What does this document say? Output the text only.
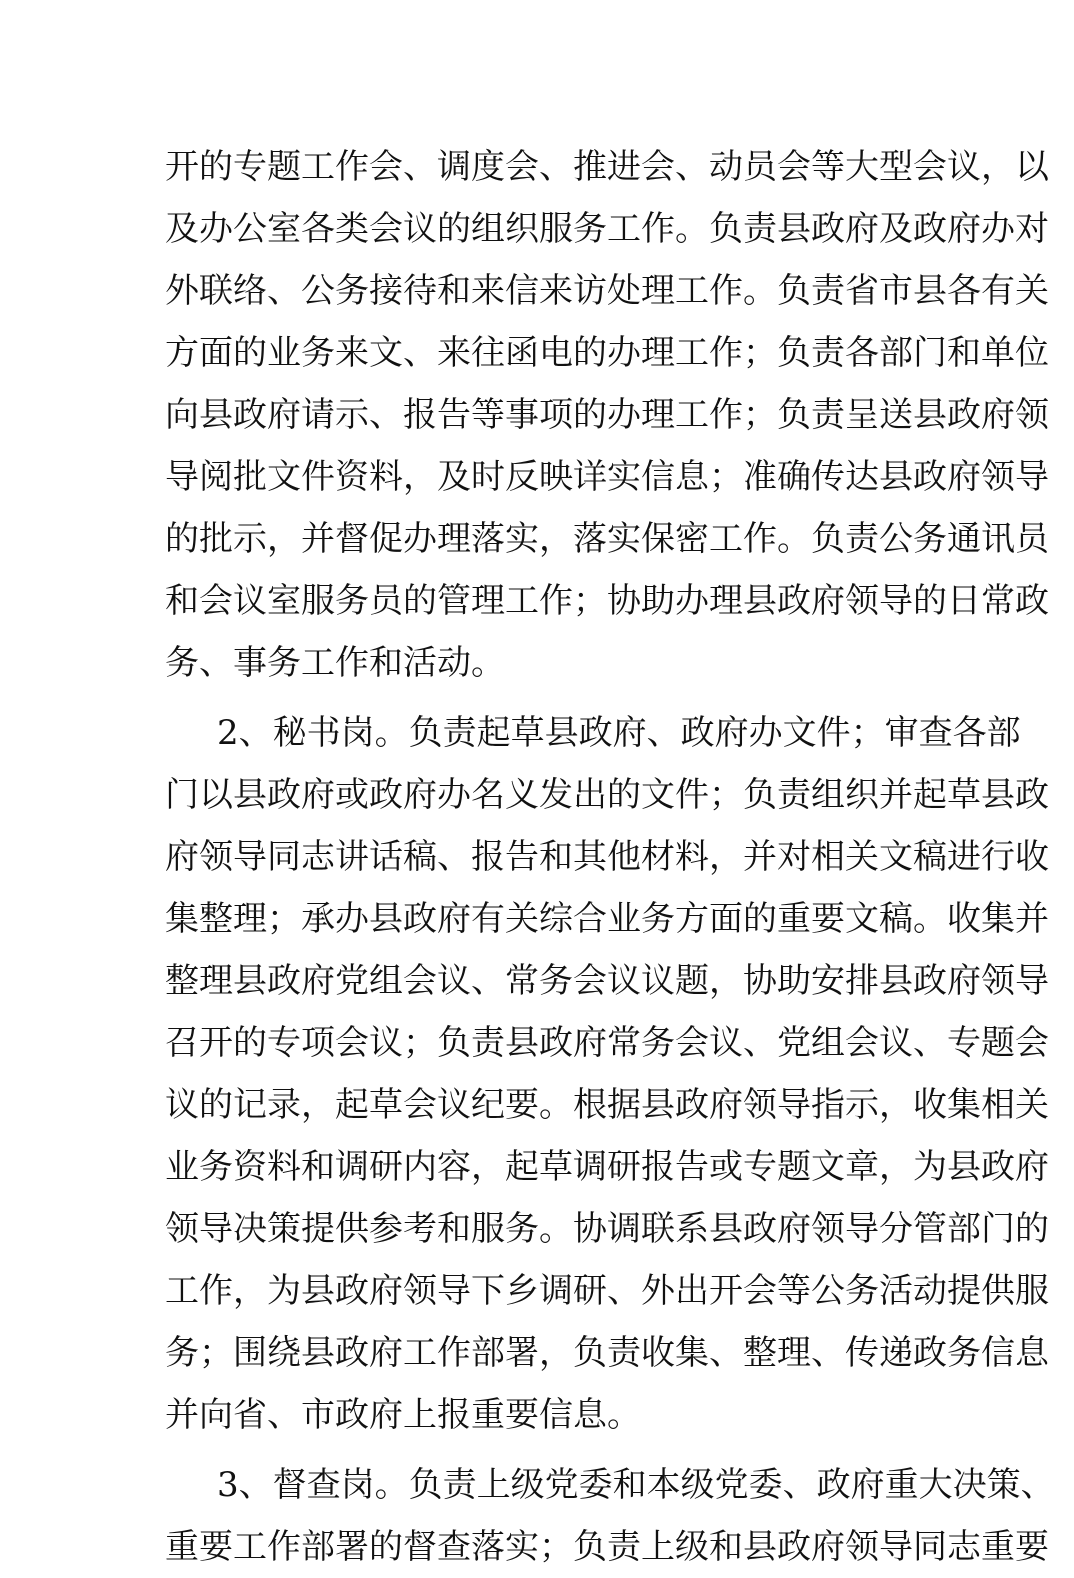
开的专题工作会、调度会、推进会、动员会等大型会议，以
及办公室各类会议的组织服务工作。负责县政府及政府办对
外联络、公务接待和来信来访处理工作。负责省市县各有关
方面的业务来文、来往函电的办理工作；负责各部门和单位
向县政府请示、报告等事项的办理工作；负责呈送县政府领
导阅批文件资料，及时反映详实信息；准确传达县政府领导
的批示，并督促办理落实，落实保密工作。负责公务通讯员
和会议室服务员的管理工作；协助办理县政府领导的日常政
务、事务工作和活动。
2、秘书岗。负责起草县政府、政府办文件；审查各部
门以县政府或政府办名义发出的文件；负责组织并起草县政
府领导同志讲话稿、报告和其他材料，并对相关文稿进行收
集整理；承办县政府有关综合业务方面的重要文稿。收集并
整理县政府党组会议、常务会议议题，协助安排县政府领导
召开的专项会议；负责县政府常务会议、党组会议、专题会
议的记录，起草会议纪要。根据县政府领导指示，收集相关
业务资料和调研内容，起草调研报告或专题文章，为县政府
领导决策提供参考和服务。协调联系县政府领导分管部门的
工作，为县政府领导下乡调研、外出开会等公务活动提供服
务；围绕县政府工作部署，负责收集、整理、传递政务信息
并向省、市政府上报重要信息。
3、督查岗。负责上级党委和本级党委、政府重大决策、
重要工作部署的督查落实；负责上级和县政府领导同志重要
